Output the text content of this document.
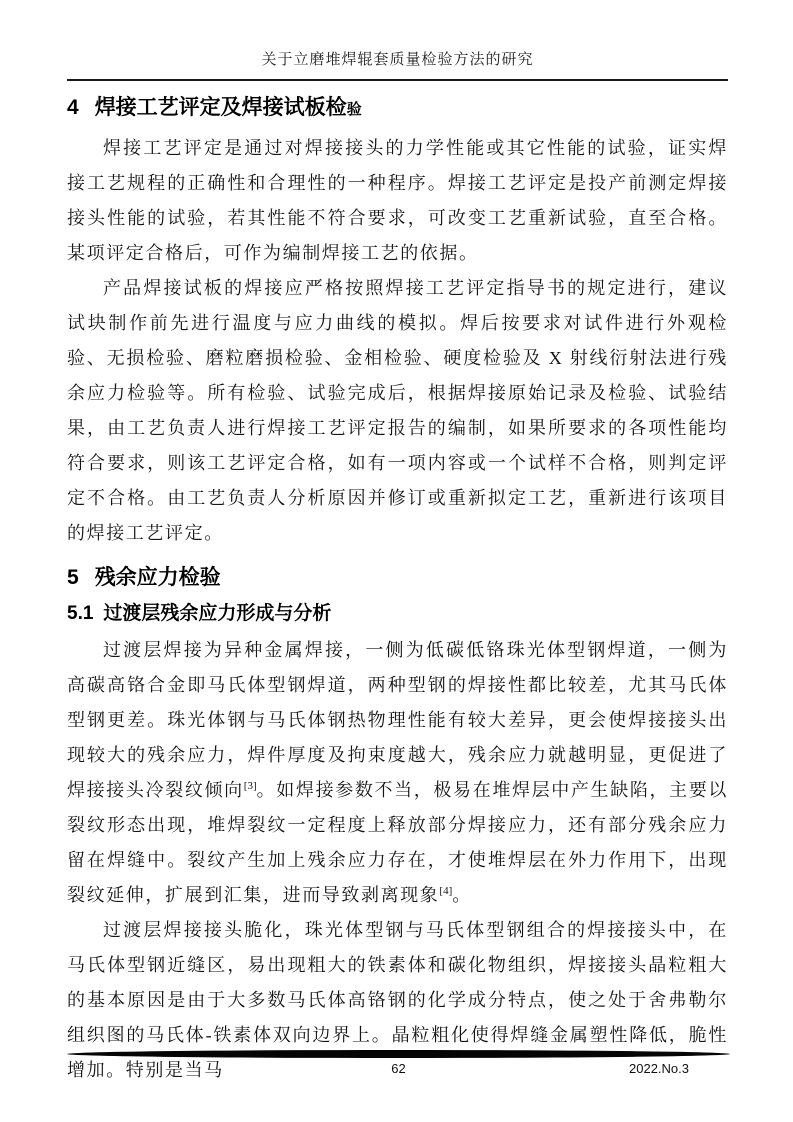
关于立磨堆焊辊套质量检验方法的研究
4 焊接工艺评定及焊接试板检验

焊接工艺评定是通过对焊接接头的力学性能或其它性能的试验，证实焊接工艺规程的正确性和合理性的一种程序。焊接工艺评定是投产前测定焊接接头性能的试验，若其性能不符合要求，可改变工艺重新试验，直至合格。某项评定合格后，可作为编制焊接工艺的依据。

产品焊接试板的焊接应严格按照焊接工艺评定指导书的规定进行，建议试块制作前先进行温度与应力曲线的模拟。焊后按要求对试件进行外观检验、无损检验、磨粒磨损检验、金相检验、硬度检验及 X 射线衍射法进行残余应力检验等。所有检验、试验完成后，根据焊接原始记录及检验、试验结果，由工艺负责人进行焊接工艺评定报告的编制，如果所要求的各项性能均符合要求，则该工艺评定合格，如有一项内容或一个试样不合格，则判定评定不合格。由工艺负责人分析原因并修订或重新拟定工艺，重新进行该项目的焊接工艺评定。

5 残余应力检验
5.1 过渡层残余应力形成与分析

过渡层焊接为异种金属焊接，一侧为低碳低铬珠光体型钢焊道，一侧为高碳高铬合金即马氏体型钢焊道，两种型钢的焊接性都比较差，尤其马氏体型钢更差。珠光体钢与马氏体钢热物理性能有较大差异，更会使焊接接头出现较大的残余应力，焊件厚度及拘束度越大，残余应力就越明显，更促进了焊接接头冷裂纹倾向[3]。如焊接参数不当，极易在堆焊层中产生缺陷，主要以裂纹形态出现，堆焊裂纹一定程度上释放部分焊接应力，还有部分残余应力留在焊缝中。裂纹产生加上残余应力存在，才使堆焊层在外力作用下，出现裂纹延伸，扩展到汇集，进而导致剥离现象[4]。

过渡层焊接接头脆化，珠光体型钢与马氏体型钢组合的焊接接头中，在马氏体型钢近缝区，易出现粗大的铁素体和碳化物组织，焊接接头晶粒粗大的基本原因是由于大多数马氏体高铬钢的化学成分特点，使之处于舍弗勒尔组织图的马氏体-铁素体双向边界上。晶粒粗化使得焊缝金属塑性降低，脆性增加。特别是当马	62	2022.No.3
